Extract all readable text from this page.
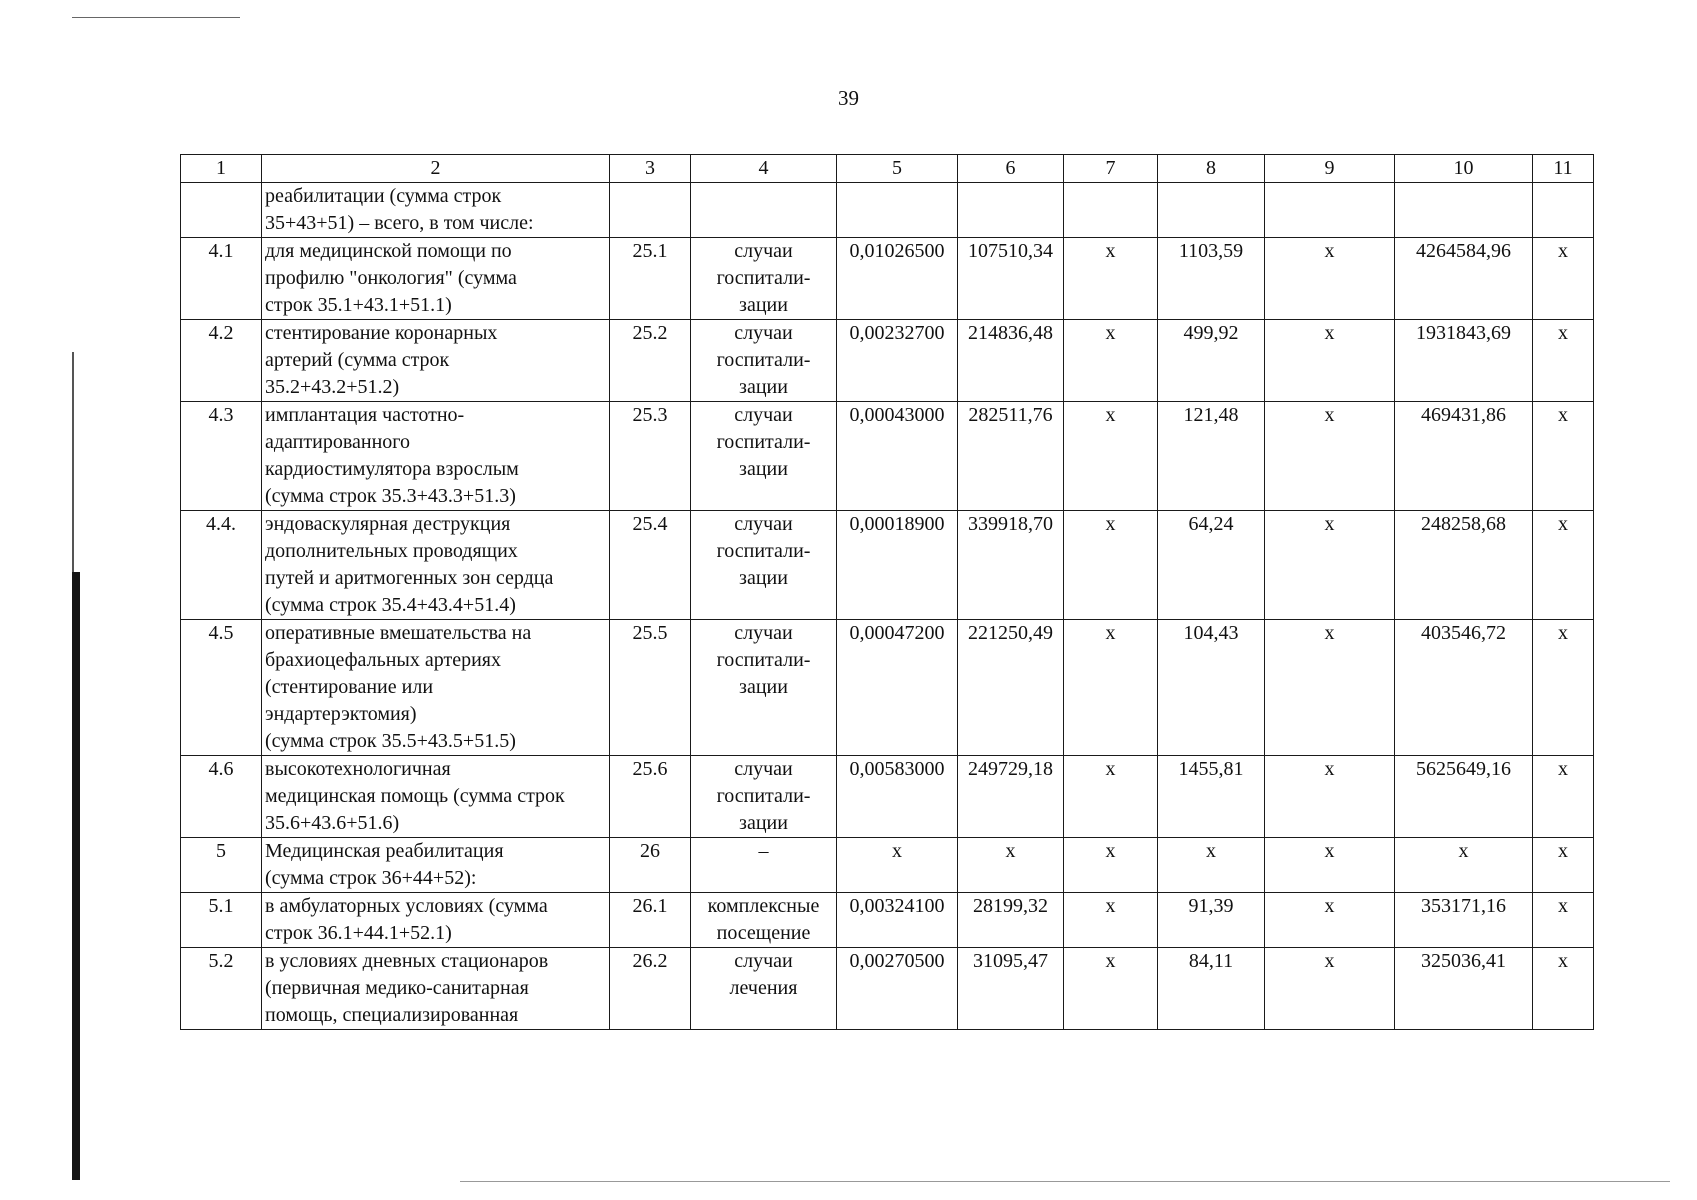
39
1	2	3	4	5	6	7	8	9	10	11

	реабилитации (сумма строк
35+43+51) – всего, в том числе:									

4.1	для медицинской помощи по
профилю "онкология" (сумма
строк 35.1+43.1+51.1)	25.1	случаи
госпитали-
зации	0,01026500	107510,34	х	1103,59	х	4264584,96	х
4.2	стентирование коронарных
артерий (сумма строк
35.2+43.2+51.2)	25.2	случаи
госпитали-
зации	0,00232700	214836,48	х	499,92	х	1931843,69	х
4.3	имплантация частотно-
адаптированного
кардиостимулятора взрослым
(сумма строк 35.3+43.3+51.3)	25.3	случаи
госпитали-
зации	0,00043000	282511,76	х	121,48	х	469431,86	х
4.4.	эндоваскулярная деструкция
дополнительных проводящих
путей и аритмогенных зон сердца
(сумма строк 35.4+43.4+51.4)	25.4	случаи
госпитали-
зации	0,00018900	339918,70	х	64,24	х	248258,68	х
4.5	оперативные вмешательства на
брахиоцефальных артериях
(стентирование или
эндартерэктомия)
(сумма строк 35.5+43.5+51.5)	25.5	случаи
госпитали-
зации	0,00047200	221250,49	х	104,43	х	403546,72	х
4.6	высокотехнологичная
медицинская помощь (сумма строк
35.6+43.6+51.6)	25.6	случаи
госпитали-
зации	0,00583000	249729,18	х	1455,81	х	5625649,16	х
5	Медицинская реабилитация
(сумма строк 36+44+52):	26	–	х	х	х	х	х	х	х
5.1	в амбулаторных условиях (сумма
строк 36.1+44.1+52.1)	26.1	комплексные
посещение	0,00324100	28199,32	х	91,39	х	353171,16	х
5.2	в условиях дневных стационаров
(первичная медико-санитарная
помощь, специализированная	26.2	случаи
лечения	0,00270500	31095,47	х	84,11	х	325036,41	х
